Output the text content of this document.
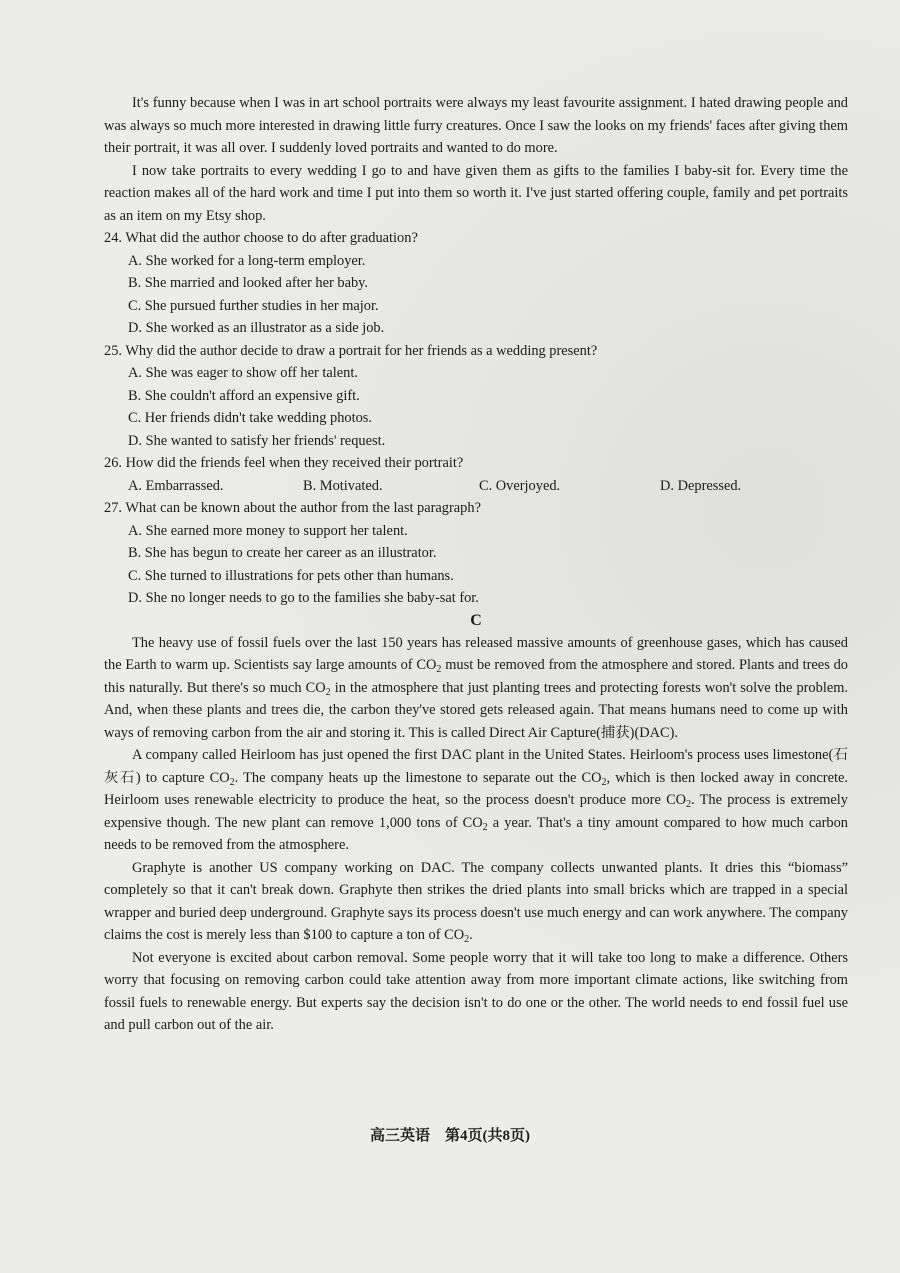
It's funny because when I was in art school portraits were always my least favourite assignment. I hated drawing people and was always so much more interested in drawing little furry creatures. Once I saw the looks on my friends' faces after giving them their portrait, it was all over. I suddenly loved portraits and wanted to do more.

I now take portraits to every wedding I go to and have given them as gifts to the families I baby-sit for. Every time the reaction makes all of the hard work and time I put into them so worth it. I've just started offering couple, family and pet portraits as an item on my Etsy shop.

24. What did the author choose to do after graduation?

A. She worked for a long-term employer.

B. She married and looked after her baby.

C. She pursued further studies in her major.

D. She worked as an illustrator as a side job.

25. Why did the author decide to draw a portrait for her friends as a wedding present?

A. She was eager to show off her talent.

B. She couldn't afford an expensive gift.

C. Her friends didn't take wedding photos.

D. She wanted to satisfy her friends' request.

26. How did the friends feel when they received their portrait?

A. Embarrassed.	B. Motivated.	C. Overjoyed.	D. Depressed.

27. What can be known about the author from the last paragraph?

A. She earned more money to support her talent.

B. She has begun to create her career as an illustrator.

C. She turned to illustrations for pets other than humans.

D. She no longer needs to go to the families she baby-sat for.

C

The heavy use of fossil fuels over the last 150 years has released massive amounts of greenhouse gases, which has caused the Earth to warm up. Scientists say large amounts of $CO_2$ must be removed from the atmosphere and stored. Plants and trees do this naturally. But there's so much $CO_2$ in the atmosphere that just planting trees and protecting forests won't solve the problem. And, when these plants and trees die, the carbon they've stored gets released again. That means humans need to come up with ways of removing carbon from the air and storing it. This is called Direct Air Capture(捕获)(DAC).

A company called Heirloom has just opened the first DAC plant in the United States. Heirloom's process uses limestone(石灰石) to capture $CO_2$. The company heats up the limestone to separate out the $CO_2$, which is then locked away in concrete. Heirloom uses renewable electricity to produce the heat, so the process doesn't produce more $CO_2$. The process is extremely expensive though. The new plant can remove 1,000 tons of $CO_2$ a year. That's a tiny amount compared to how much carbon needs to be removed from the atmosphere.

Graphyte is another US company working on DAC. The company collects unwanted plants. It dries this “biomass” completely so that it can't break down. Graphyte then strikes the dried plants into small bricks which are trapped in a special wrapper and buried deep underground. Graphyte says its process doesn't use much energy and can work anywhere. The company claims the cost is merely less than $100 to capture a ton of $CO_2$.

Not everyone is excited about carbon removal. Some people worry that it will take too long to make a difference. Others worry that focusing on removing carbon could take attention away from more important climate actions, like switching from fossil fuels to renewable energy. But experts say the decision isn't to do one or the other. The world needs to end fossil fuel use and pull carbon out of the air.

高三英语　第4页(共8页)
